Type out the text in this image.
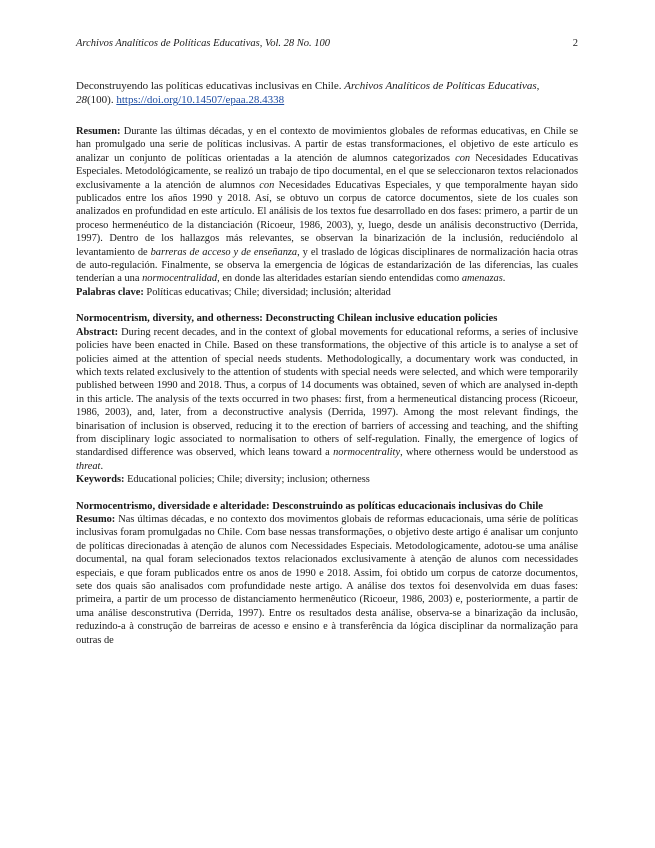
Archivos Analíticos de Políticas Educativas, Vol. 28 No. 100	2
Deconstruyendo las políticas educativas inclusivas en Chile. Archivos Analíticos de Políticas Educativas, 28(100). https://doi.org/10.14507/epaa.28.4338
Resumen: Durante las últimas décadas, y en el contexto de movimientos globales de reformas educativas, en Chile se han promulgado una serie de políticas inclusivas. A partir de estas transformaciones, el objetivo de este artículo es analizar un conjunto de políticas orientadas a la atención de alumnos categorizados con Necesidades Educativas Especiales. Metodológicamente, se realizó un trabajo de tipo documental, en el que se seleccionaron textos relacionados exclusivamente a la atención de alumnos con Necesidades Educativas Especiales, y que temporalmente hayan sido publicados entre los años 1990 y 2018. Así, se obtuvo un corpus de catorce documentos, siete de los cuales son analizados en profundidad en este artículo. El análisis de los textos fue desarrollado en dos fases: primero, a partir de un proceso hermenéutico de la distanciación (Ricoeur, 1986, 2003), y, luego, desde un análisis deconstructivo (Derrida, 1997). Dentro de los hallazgos más relevantes, se observan la binarización de la inclusión, reduciéndolo al levantamiento de barreras de acceso y de enseñanza, y el traslado de lógicas disciplinares de normalización hacia otras de auto-regulación. Finalmente, se observa la emergencia de lógicas de estandarización de las diferencias, las cuales tenderían a una normocentralidad, en donde las alteridades estarían siendo entendidas como amenazas.
Palabras clave: Políticas educativas; Chile; diversidad; inclusión; alteridad
Normocentrism, diversity, and otherness: Deconstructing Chilean inclusive education policies
Abstract: During recent decades, and in the context of global movements for educational reforms, a series of inclusive policies have been enacted in Chile. Based on these transformations, the objective of this article is to analyse a set of policies aimed at the attention of special needs students. Methodologically, a documentary work was conducted, in which texts related exclusively to the attention of students with special needs were selected, and which were temporarily published between 1990 and 2018. Thus, a corpus of 14 documents was obtained, seven of which are analysed in-depth in this article. The analysis of the texts occurred in two phases: first, from a hermeneutical distancing process (Ricoeur, 1986, 2003), and, later, from a deconstructive analysis (Derrida, 1997). Among the most relevant findings, the binarisation of inclusion is observed, reducing it to the erection of barriers of accessing and teaching, and the shifting from disciplinary logic associated to normalisation to others of self-regulation. Finally, the emergence of logics of standardised difference was observed, which leans toward a normocentrality, where otherness would be understood as threat.
Keywords: Educational policies; Chile; diversity; inclusion; otherness
Normocentrismo, diversidade e alteridade: Desconstruindo as políticas educacionais inclusivas do Chile
Resumo: Nas últimas décadas, e no contexto dos movimentos globais de reformas educacionais, uma série de políticas inclusivas foram promulgadas no Chile. Com base nessas transformações, o objetivo deste artigo é analisar um conjunto de políticas direcionadas à atenção de alunos com Necessidades Especiais. Metodologicamente, adotou-se uma análise documental, na qual foram selecionados textos relacionados exclusivamente à atenção de alunos com necessidades especiais, e que foram publicados entre os anos de 1990 e 2018. Assim, foi obtido um corpus de catorze documentos, sete dos quais são analisados com profundidade neste artigo. A análise dos textos foi desenvolvida em duas fases: primeira, a partir de um processo de distanciamento hermenêutico (Ricoeur, 1986, 2003) e, posteriormente, a partir de uma análise desconstrutiva (Derrida, 1997). Entre os resultados desta análise, observa-se a binarização da inclusão, reduzindo-a à construção de barreiras de acesso e ensino e à transferência da lógica disciplinar da normalização para outras de
